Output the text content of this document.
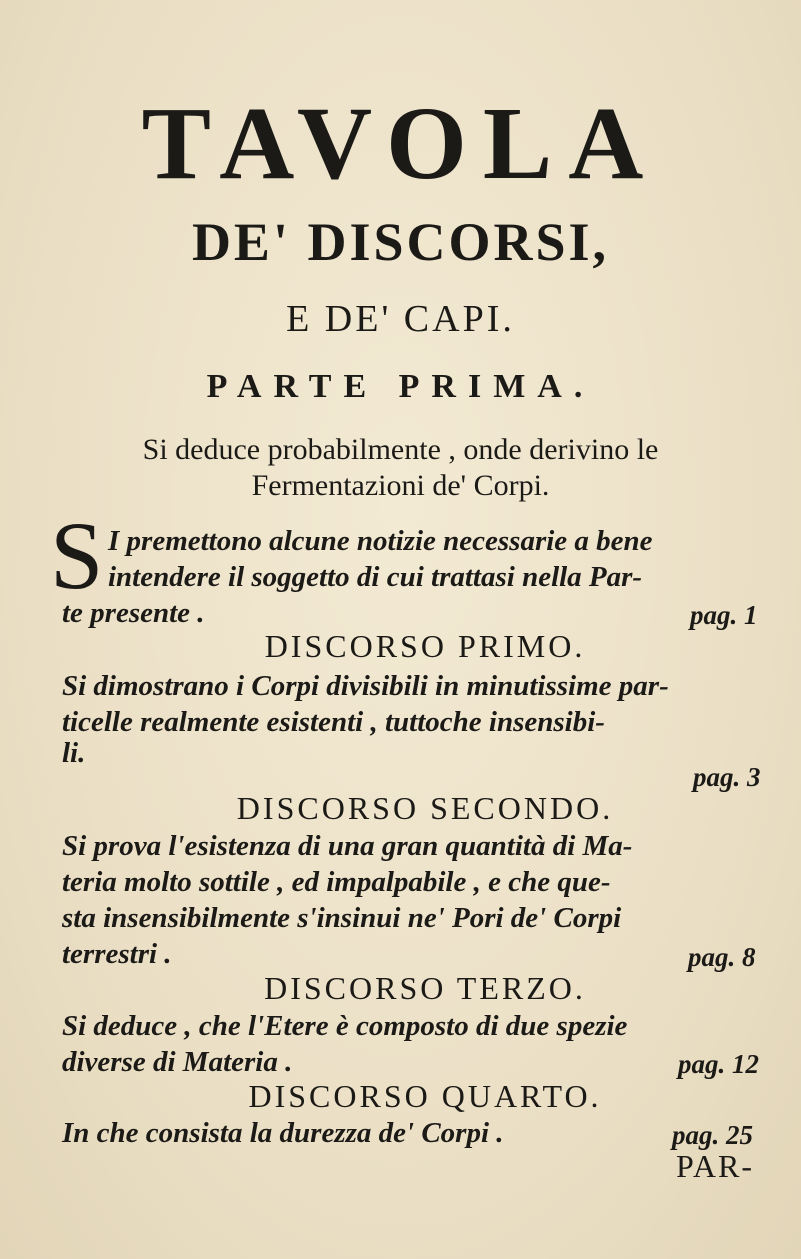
TAVOLA
DE' DISCORSI,
E DE' CAPI.
PARTE PRIMA.
Si deduce probabilmente , onde derivino le
Fermentazioni de' Corpi.
S I premettono alcune notizie necessarie a bene
intendere il soggetto di cui trattasi nella Par-
te presente .	pag. 1
DISCORSO PRIMO.
Si dimostrano i Corpi divisibili in minutissime par-
ticelle realmente esistenti , tuttoche insensibi-
li.
pag. 3
DISCORSO SECONDO.
Si prova l'esistenza di una gran quantità di Ma-
teria molto sottile , ed impalpabile , e che que-
sta insensibilmente s'insinui ne' Pori de' Corpi
terrestri .	pag. 8
DISCORSO TERZO.
Si deduce , che l'Etere è composto di due spezie
diverse di Materia .	pag. 12
DISCORSO QUARTO.
In che consista la durezza de' Corpi .	pag. 25
PAR-
